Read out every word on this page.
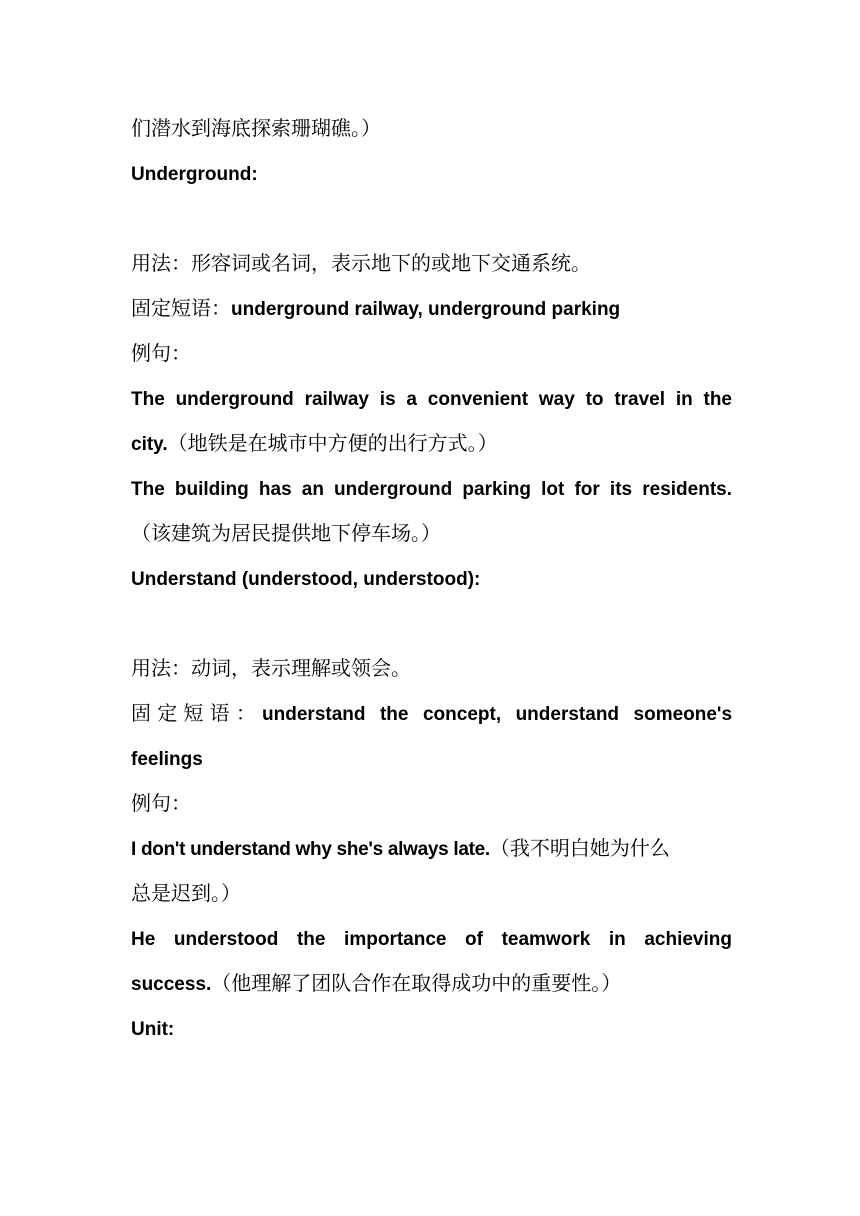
们潜水到海底探索珊瑚礁。）
Underground:
用法：形容词或名词，表示地下的或地下交通系统。
固定短语：underground railway, underground parking
例句：
The underground railway is a convenient way to travel in the
city.（地铁是在城市中方便的出行方式。）
The building has an underground parking lot for its residents.
（该建筑为居民提供地下停车场。）
Understand (understood, understood):
用法：动词，表示理解或领会。
固定短语：understand the concept, understand someone's
feelings
例句：
I don't understand why she's always late.（我不明白她为什么
总是迟到。）
He understood the importance of teamwork in achieving
success.（他理解了团队合作在取得成功中的重要性。）
Unit:
